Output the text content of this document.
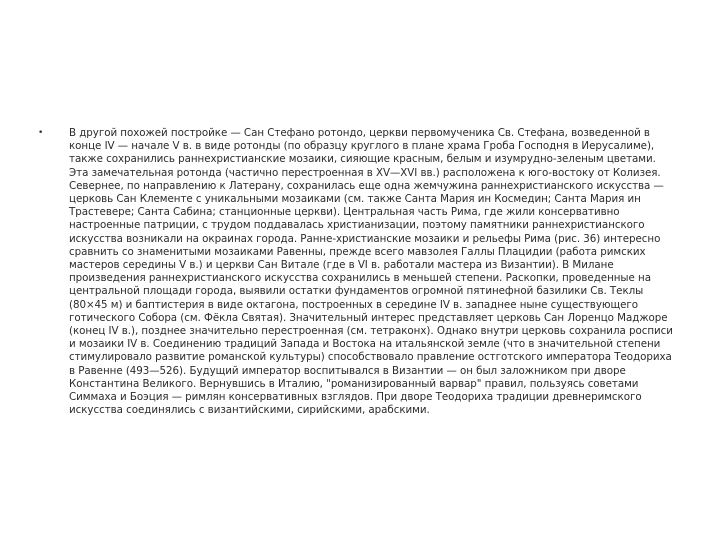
• В другой похожей постройке — Сан Стефано ротондо, церкви первомученика Св. Стефана, возведенной в конце IV — начале V в. в виде ротонды (по образцу круглого в плане храма Гроба Господня в Иерусалиме), также сохранились раннехристианские мозаики, сияющие красным, белым и изумрудно-зеленым цветами. Эта замечательная ротонда (частично перестроенная в XV—XVI вв.) расположена к юго-востоку от Колизея. Севернее, по направлению к Латерану, сохранилась еще одна жемчужина раннехристианского искусства — церковь Сан Клементе с уникальными мозаиками (см. также Санта Мария ин Космедин; Санта Мария ин Трастевере; Санта Сабина; станционные церкви). Центральная часть Рима, где жили консервативно настроенные патриции, с трудом поддавалась христианизации, поэтому памятники раннехристианского искусства возникали на окраинах города. Ранне-христианские мозаики и рельефы Рима (рис. 36) интересно сравнить со знаменитыми мозаиками Равенны, прежде всего мавзолея Галлы Плацидии (работа римских мастеров середины V в.) и церкви Сан Витале (где в VI в. работали мастера из Византии). В Милане произведения раннехристианского искусства сохранились в меньшей степени. Раскопки, проведенные на центральной площади города, выявили остатки фундаментов огромной пятинефной базилики Св. Теклы (80×45 м) и баптистерия в виде октагона, построенных в середине IV в. западнее ныне существующего готического Собора (см. Фёкла Святая). Значительный интерес представляет церковь Сан Лоренцо Маджоре (конец IV в.), позднее значительно перестроенная (см. тетраконх). Однако внутри церковь сохранила росписи и мозаики IV в. Соединению традиций Запада и Востока на итальянской земле (что в значительной степени стимулировало развитие романской культуры) способствовало правление остготского императора Теодориха в Равенне (493—526). Будущий император воспитывался в Византии — он был заложником при дворе Константина Великого. Вернувшись в Италию, "романизированный варвар" правил, пользуясь советами Симмаха и Боэция — римлян консервативных взглядов. При дворе Теодориха традиции древнеримского искусства соединялись с византийскими, сирийскими, арабскими.
